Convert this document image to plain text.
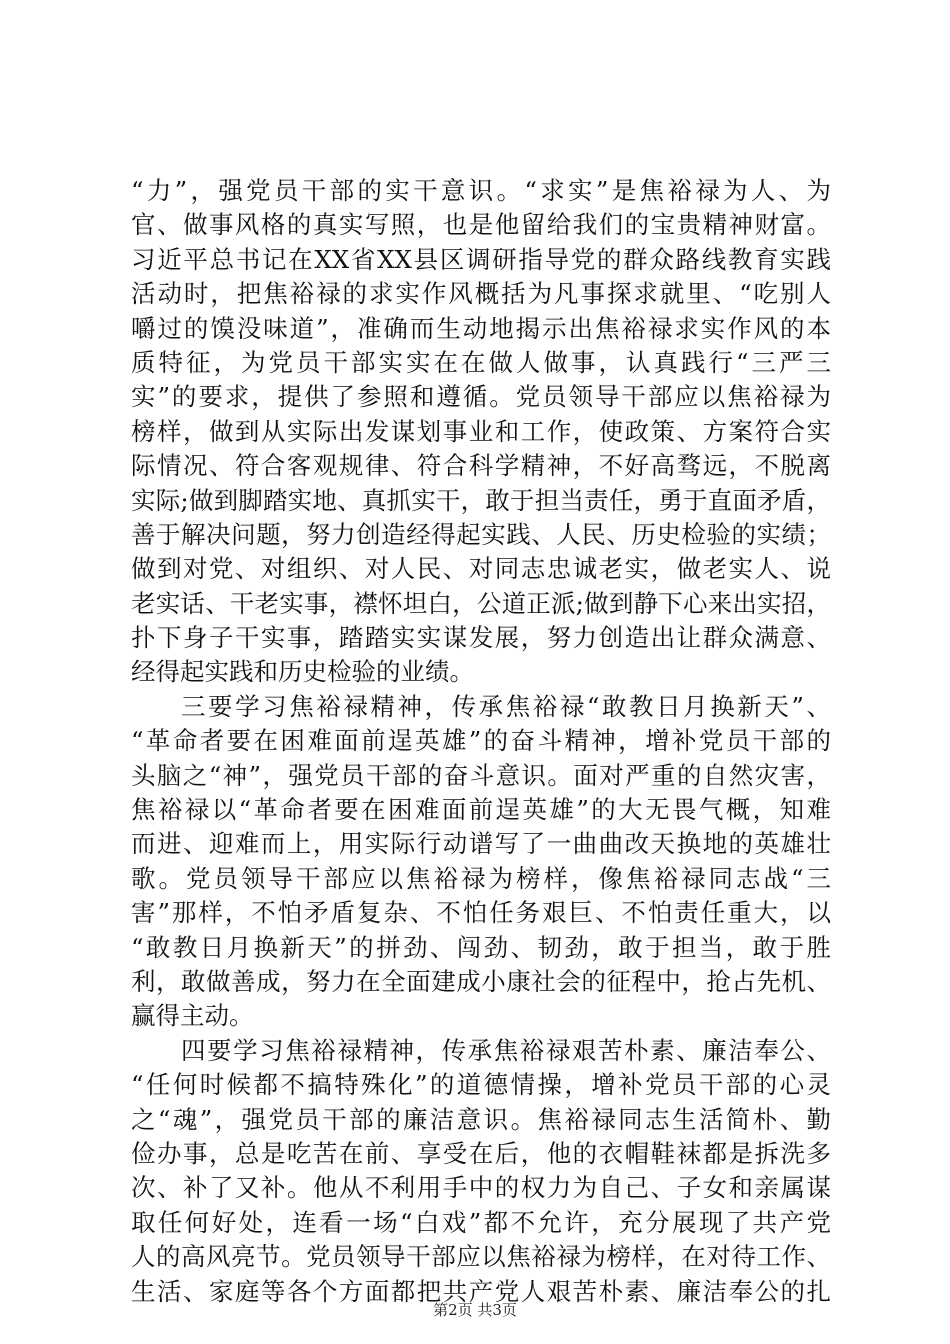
“力”，强党员干部的实干意识。“求实”是焦裕禄为人、为
官、做事风格的真实写照，也是他留给我们的宝贵精神财富。
习近平总书记在XX省XX县区调研指导党的群众路线教育实践
活动时，把焦裕禄的求实作风概括为凡事探求就里、“吃别人
嚼过的馍没味道”，准确而生动地揭示出焦裕禄求实作风的本
质特征，为党员干部实实在在做人做事，认真践行“三严三
实”的要求，提供了参照和遵循。党员领导干部应以焦裕禄为
榜样，做到从实际出发谋划事业和工作，使政策、方案符合实
际情况、符合客观规律、符合科学精神，不好高骛远，不脱离
实际;做到脚踏实地、真抓实干，敢于担当责任，勇于直面矛盾，
善于解决问题，努力创造经得起实践、人民、历史检验的实绩；
做到对党、对组织、对人民、对同志忠诚老实，做老实人、说
老实话、干老实事，襟怀坦白，公道正派;做到静下心来出实招，
扑下身子干实事，踏踏实实谋发展，努力创造出让群众满意、
经得起实践和历史检验的业绩。
三要学习焦裕禄精神，传承焦裕禄“敢教日月换新天”、
“革命者要在困难面前逞英雄”的奋斗精神，增补党员干部的
头脑之“神”，强党员干部的奋斗意识。面对严重的自然灾害，
焦裕禄以“革命者要在困难面前逞英雄”的大无畏气概，知难
而进、迎难而上，用实际行动谱写了一曲曲改天换地的英雄壮
歌。党员领导干部应以焦裕禄为榜样，像焦裕禄同志战“三
害”那样，不怕矛盾复杂、不怕任务艰巨、不怕责任重大，以
“敢教日月换新天”的拼劲、闯劲、韧劲，敢于担当，敢于胜
利，敢做善成，努力在全面建成小康社会的征程中，抢占先机、
赢得主动。
四要学习焦裕禄精神，传承焦裕禄艰苦朴素、廉洁奉公、
“任何时候都不搞特殊化”的道德情操，增补党员干部的心灵
之“魂”，强党员干部的廉洁意识。焦裕禄同志生活简朴、勤
俭办事，总是吃苦在前、享受在后，他的衣帽鞋袜都是拆洗多
次、补了又补。他从不利用手中的权力为自己、子女和亲属谋
取任何好处，连看一场“白戏”都不允许，充分展现了共产党
人的高风亮节。党员领导干部应以焦裕禄为榜样，在对待工作、
生活、家庭等各个方面都把共产党人艰苦朴素、廉洁奉公的扎
第2页 共3页
